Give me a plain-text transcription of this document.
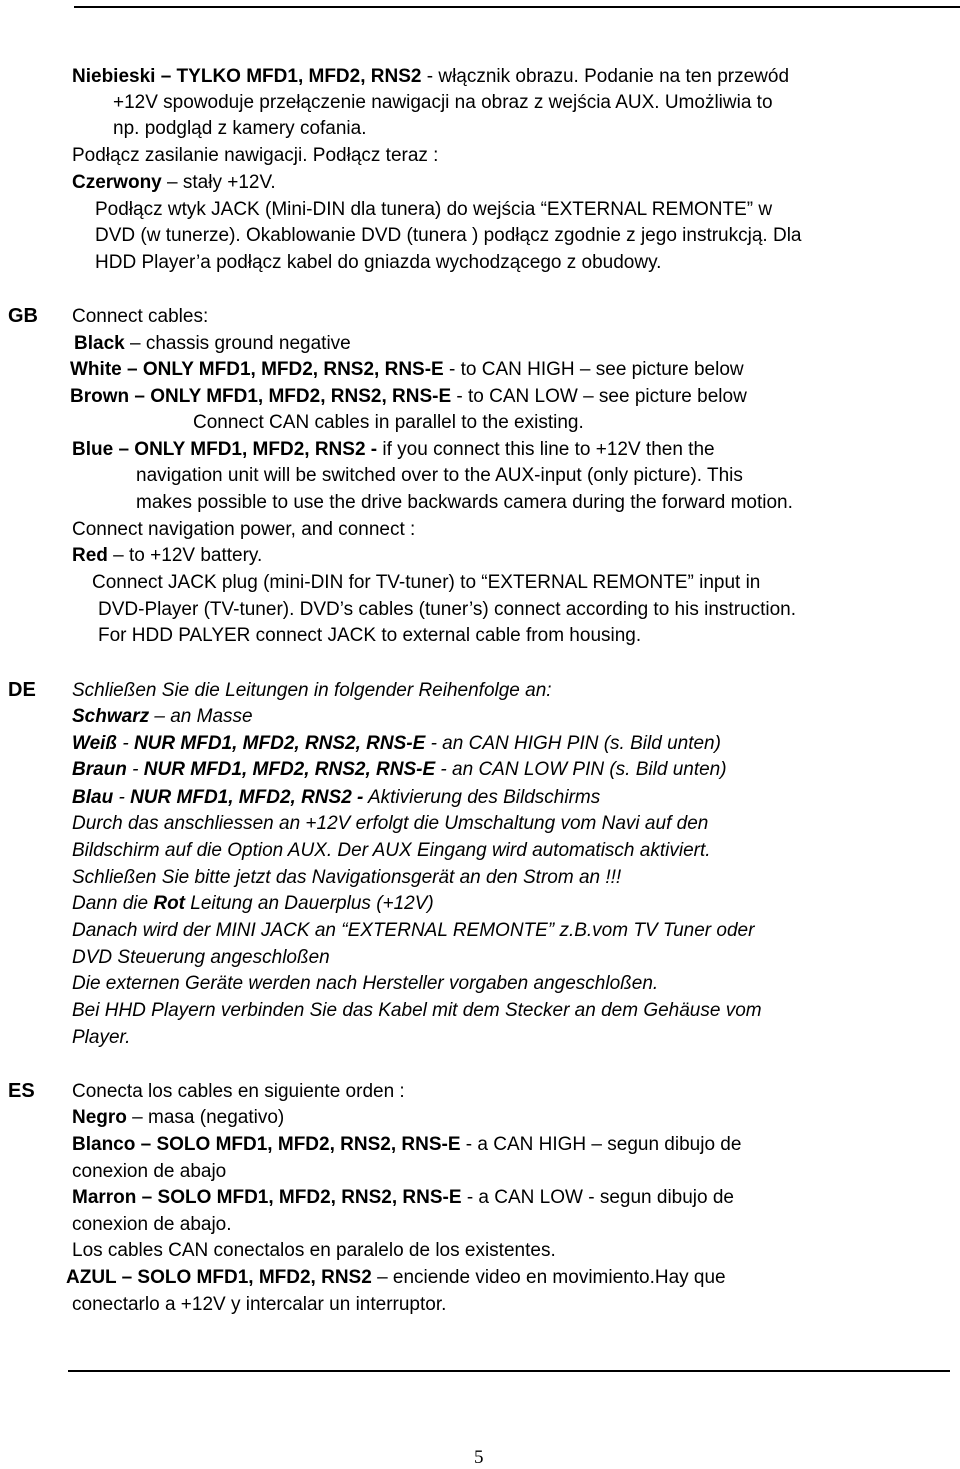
Niebieski – TYLKO MFD1, MFD2, RNS2 - włącznik obrazu. Podanie na ten przewód
+12V spowoduje przełączenie nawigacji na obraz z wejścia AUX. Umożliwia to
np. podgląd z kamery cofania.
Podłącz zasilanie nawigacji. Podłącz teraz :
Czerwony – stały +12V.
Podłącz wtyk JACK (Mini-DIN dla tunera) do wejścia “EXTERNAL REMONTE” w
DVD (w tunerze). Okablowanie DVD (tunera ) podłącz zgodnie z jego instrukcją. Dla
HDD Player’a podłącz kabel do gniazda wychodzącego z obudowy.
GB Connect cables:
Black – chassis ground negative
White – ONLY MFD1, MFD2, RNS2, RNS-E - to CAN HIGH – see picture below
Brown – ONLY MFD1, MFD2, RNS2, RNS-E - to CAN LOW – see picture below
Connect CAN cables in parallel to the existing.
Blue – ONLY MFD1, MFD2, RNS2 - if you connect this line to +12V then the
navigation unit will be switched over to the AUX-input (only picture). This
makes possible to use the drive backwards camera during the forward motion.
Connect navigation power, and connect :
Red – to +12V battery.
Connect JACK plug (mini-DIN for TV-tuner) to “EXTERNAL REMONTE” input in
DVD-Player (TV-tuner). DVD’s cables (tuner’s) connect according to his instruction.
For HDD PALYER connect JACK to external cable from housing.
DE Schließen Sie die Leitungen in folgender Reihenfolge an:
Schwarz – an Masse
Weiß - NUR MFD1, MFD2, RNS2, RNS-E - an CAN HIGH PIN (s. Bild unten)
Braun - NUR MFD1, MFD2, RNS2, RNS-E - an CAN LOW PIN (s. Bild unten)
Blau - NUR MFD1, MFD2, RNS2 - Aktivierung des Bildschirms
Durch das anschliessen an +12V erfolgt die Umschaltung vom Navi auf den
Bildschirm auf die Option AUX. Der AUX Eingang wird automatisch aktiviert.
Schließen Sie bitte jetzt das Navigationsgerät an den Strom an !!!
Dann die Rot Leitung an Dauerplus (+12V)
Danach wird der MINI JACK an “EXTERNAL REMONTE” z.B.vom TV Tuner oder
DVD Steuerung angeschloßen
Die externen Geräte werden nach Hersteller vorgaben angeschloßen.
Bei HHD Playern verbinden Sie das Kabel mit dem Stecker an dem Gehäuse vom
Player.
ES Conecta los cables en siguiente orden :
Negro – masa (negativo)
Blanco – SOLO MFD1, MFD2, RNS2, RNS-E - a CAN HIGH – segun dibujo de
conexion de abajo
Marron – SOLO MFD1, MFD2, RNS2, RNS-E - a CAN LOW - segun dibujo de
conexion de abajo.
Los cables CAN conectalos en paralelo de los existentes.
AZUL – SOLO MFD1, MFD2, RNS2 – enciende video en movimiento.Hay que
conectarlo a +12V y intercalar un interruptor.
5
